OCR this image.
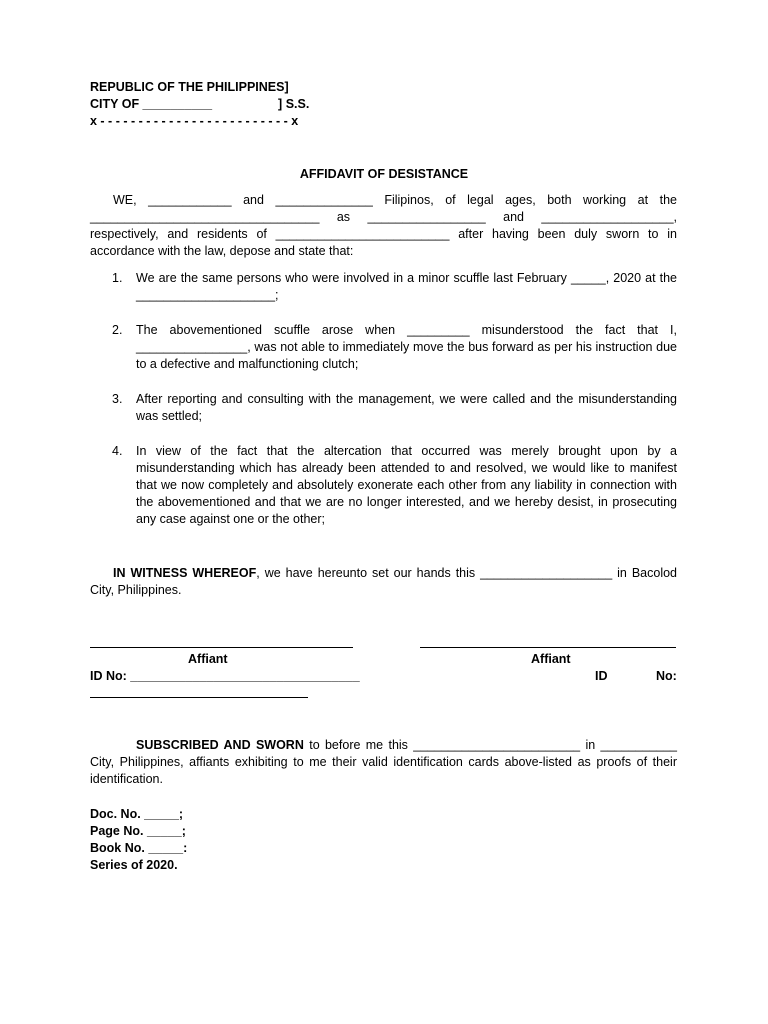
REPUBLIC OF THE PHILIPPINES]
CITY OF __________                   ] S.S.
x - - - - - - - - - - - - - - - - - - - - - - - - - x
AFFIDAVIT OF DESISTANCE
WE, ____________ and ______________ Filipinos, of legal ages, both working at the _________________________________ as _________________ and ___________________, respectively, and residents of _________________________ after having been duly sworn to in accordance with the law, depose and state that:
1.	We are the same persons who were involved in a minor scuffle last February _____, 2020 at the ____________________;
2.	The abovementioned scuffle arose when _________ misunderstood the fact that I, ________________, was not able to immediately move the bus forward as per his instruction due to a defective and malfunctioning clutch;
3.	After reporting and consulting with the management, we were called and the misunderstanding was settled;
4.	In view of the fact that the altercation that occurred was merely brought upon by a misunderstanding which has already been attended to and resolved, we would like to manifest that we now completely and absolutely exonerate each other from any liability in connection with the abovementioned and that we are no longer interested, and we hereby desist, in prosecuting any case against one or the other;
IN WITNESS WHEREOF, we have hereunto set our hands this ___________________ in Bacolod City, Philippines.
Affiant	Affiant
ID No: _________________________________	ID	No:
SUBSCRIBED AND SWORN to before me this ________________________ in ___________ City, Philippines, affiants exhibiting to me their valid identification cards above-listed as proofs of their identification.
Doc. No. _____;
Page No. _____;
Book No. _____:
Series of 2020.
